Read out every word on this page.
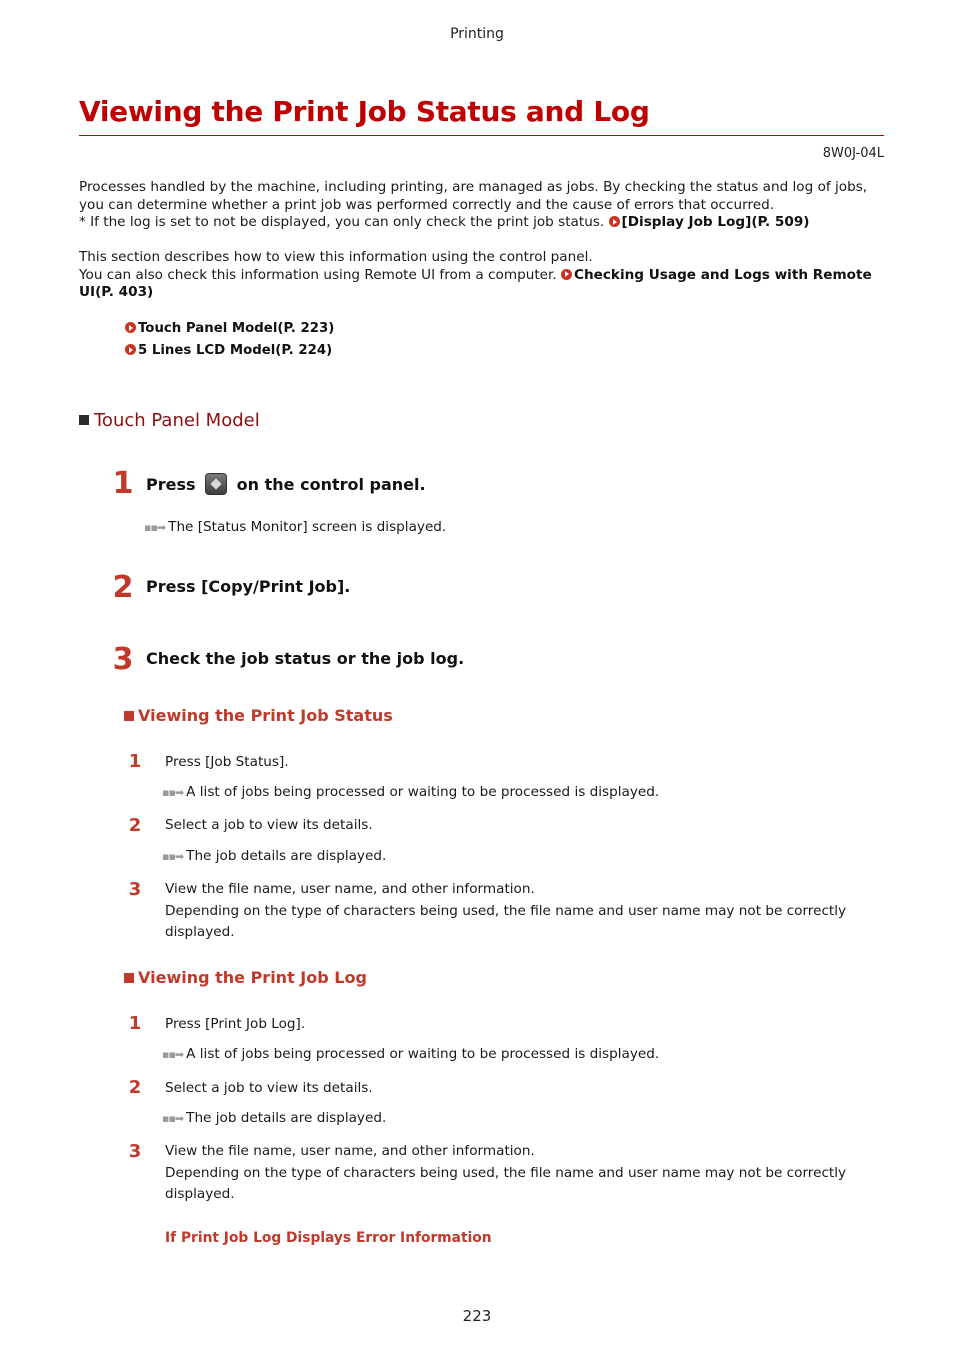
Printing
Viewing the Print Job Status and Log
8W0J-04L
Processes handled by the machine, including printing, are managed as jobs. By checking the status and log of jobs, you can determine whether a print job was performed correctly and the cause of errors that occurred.
* If the log is set to not be displayed, you can only check the print job status. [Display Job Log](P. 509)
This section describes how to view this information using the control panel.
You can also check this information using Remote UI from a computer. Checking Usage and Logs with Remote UI(P. 403)
Touch Panel Model(P. 223)
5 Lines LCD Model(P. 224)
Touch Panel Model
1 Press	on the control panel.
▪▪➡ The [Status Monitor] screen is displayed.
2 Press [Copy/Print Job].
3 Check the job status or the job log.
Viewing the Print Job Status
1 Press [Job Status].
▪▪➡ A list of jobs being processed or waiting to be processed is displayed.
2 Select a job to view its details.
▪▪➡ The job details are displayed.
3 View the file name, user name, and other information.
Depending on the type of characters being used, the file name and user name may not be correctly displayed.
Viewing the Print Job Log
1 Press [Print Job Log].
▪▪➡ A list of jobs being processed or waiting to be processed is displayed.
2 Select a job to view its details.
▪▪➡ The job details are displayed.
3 View the file name, user name, and other information.
Depending on the type of characters being used, the file name and user name may not be correctly displayed.
If Print Job Log Displays Error Information
223
